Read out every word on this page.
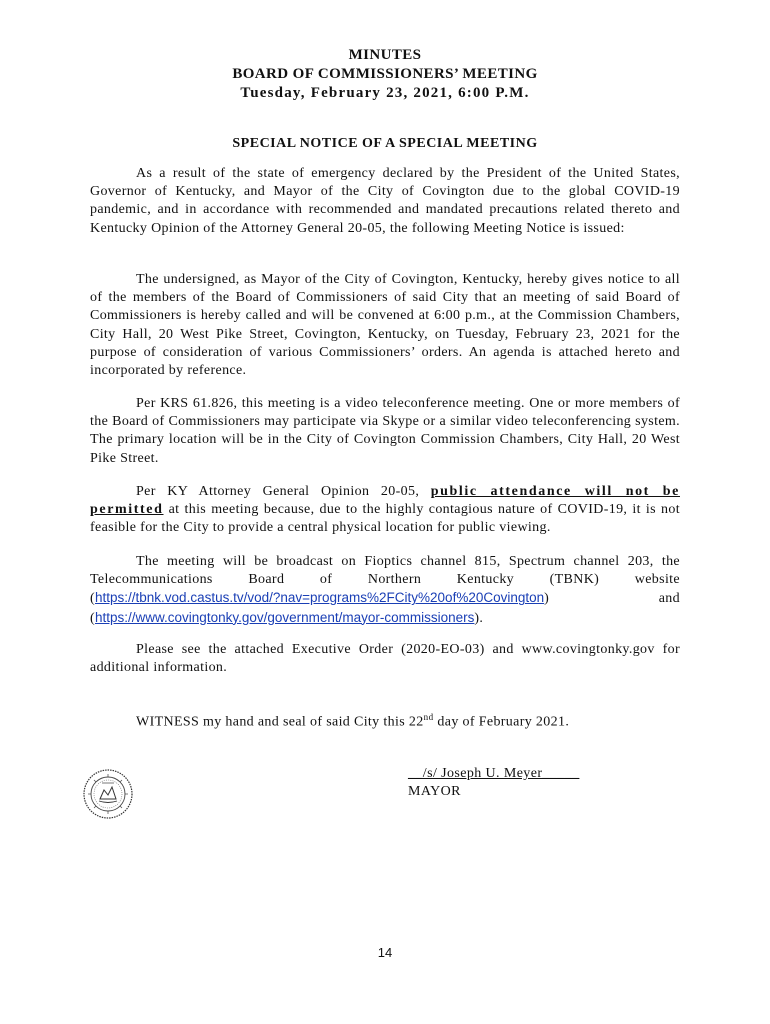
MINUTES
BOARD OF COMMISSIONERS’ MEETING
Tuesday, February 23, 2021, 6:00 P.M.
SPECIAL NOTICE OF A SPECIAL MEETING

As a result of the state of emergency declared by the President of the United States, Governor of Kentucky, and Mayor of the City of Covington due to the global COVID-19 pandemic, and in accordance with recommended and mandated precautions related thereto and Kentucky Opinion of the Attorney General 20-05, the following Meeting Notice is issued:

The undersigned, as Mayor of the City of Covington, Kentucky, hereby gives notice to all of the members of the Board of Commissioners of said City that an meeting of said Board of Commissioners is hereby called and will be convened at 6:00 p.m., at the Commission Chambers, City Hall, 20 West Pike Street, Covington, Kentucky, on Tuesday, February 23, 2021 for the purpose of consideration of various Commissioners’ orders. An agenda is attached hereto and incorporated by reference.

Per KRS 61.826, this meeting is a video teleconference meeting. One or more members of the Board of Commissioners may participate via Skype or a similar video teleconferencing system. The primary location will be in the City of Covington Commission Chambers, City Hall, 20 West Pike Street.

Per KY Attorney General Opinion 20-05, public attendance will not be permitted at this meeting because, due to the highly contagious nature of COVID-19, it is not feasible for the City to provide a central physical location for public viewing.

The meeting will be broadcast on Fioptics channel 815, Spectrum channel 203, the Telecommunications Board of Northern Kentucky (TBNK) website (https://tbnk.vod.castus.tv/vod/?nav=programs%2FCity%20of%20Covington) and (https://www.covingtonky.gov/government/mayor-commissioners).

Please see the attached Executive Order (2020-EO-03) and www.covingtonky.gov for additional information.

WITNESS my hand and seal of said City this 22nd day of February 2021.
__/s/ Joseph U. Meyer_____
MAYOR
14
